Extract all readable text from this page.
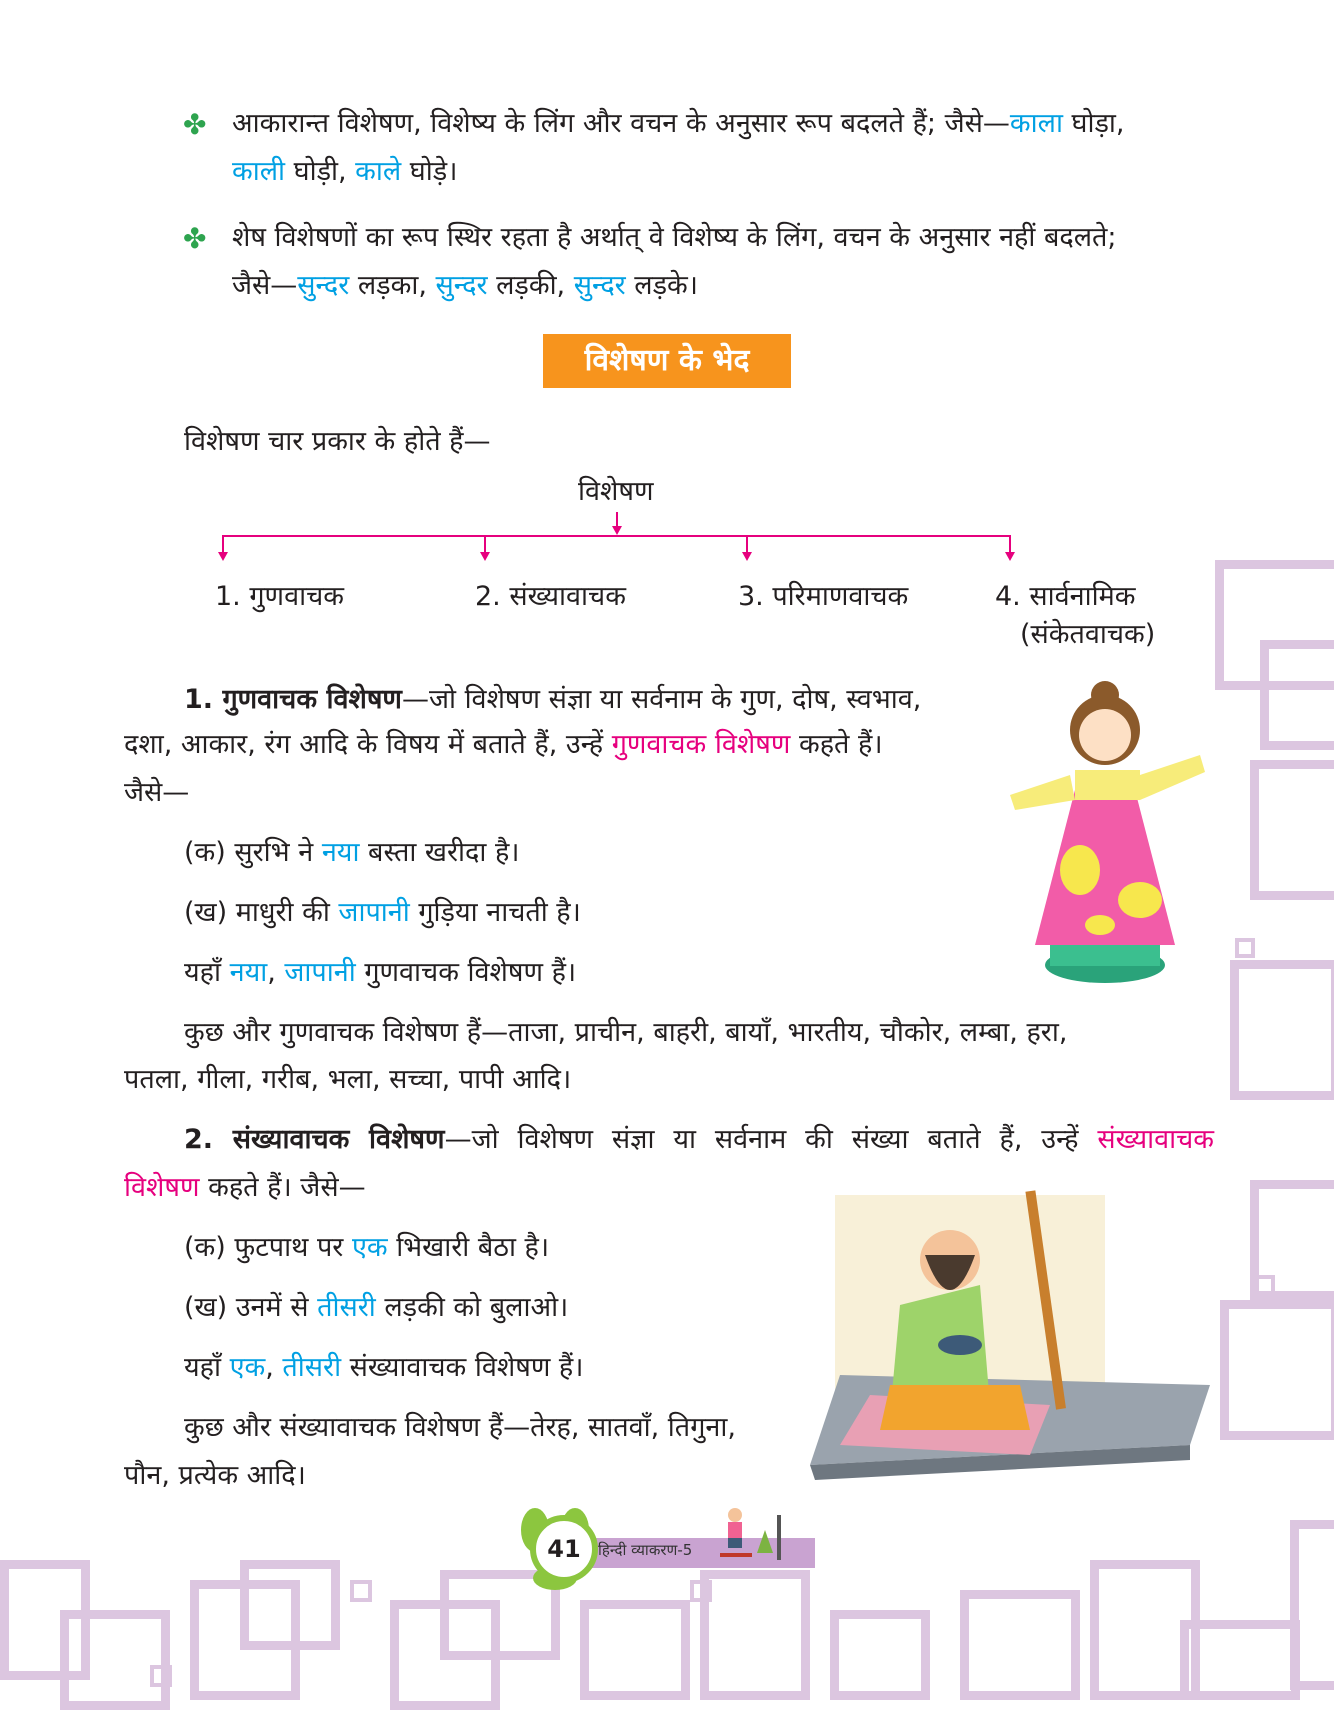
✤ आकारान्त विशेषण, विशेष्य के लिंग और वचन के अनुसार रूप बदलते हैं; जैसे—काला घोड़ा,
काली घोड़ी, काले घोड़े।
✤ शेष विशेषणों का रूप स्थिर रहता है अर्थात् वे विशेष्य के लिंग, वचन के अनुसार नहीं बदलते;
जैसे—सुन्दर लड़का, सुन्दर लड़की, सुन्दर लड़के।
विशेषण के भेद
विशेषण चार प्रकार के होते हैं—
विशेषण
1. गुणवाचक	2. संख्यावाचक	3. परिमाणवाचक	4. सार्वनामिक
(संकेतवाचक)
1. गुणवाचक विशेषण—जो विशेषण संज्ञा या सर्वनाम के गुण, दोष, स्वभाव,
दशा, आकार, रंग आदि के विषय में बताते हैं, उन्हें गुणवाचक विशेषण कहते हैं।
जैसे—
(क) सुरभि ने नया बस्ता खरीदा है।
(ख) माधुरी की जापानी गुड़िया नाचती है।
यहाँ नया, जापानी गुणवाचक विशेषण हैं।
कुछ और गुणवाचक विशेषण हैं—ताजा, प्राचीन, बाहरी, बायाँ, भारतीय, चौकोर, लम्बा, हरा,
पतला, गीला, गरीब, भला, सच्चा, पापी आदि।
2. संख्यावाचक विशेषण—जो विशेषण संज्ञा या सर्वनाम की संख्या बताते हैं, उन्हें संख्यावाचक
विशेषण कहते हैं। जैसे—
(क) फुटपाथ पर एक भिखारी बैठा है।
(ख) उनमें से तीसरी लड़की को बुलाओ।
यहाँ एक, तीसरी संख्यावाचक विशेषण हैं।
कुछ और संख्यावाचक विशेषण हैं—तेरह, सातवाँ, तिगुना,
पौन, प्रत्येक आदि।
41	हिन्दी व्याकरण-5
